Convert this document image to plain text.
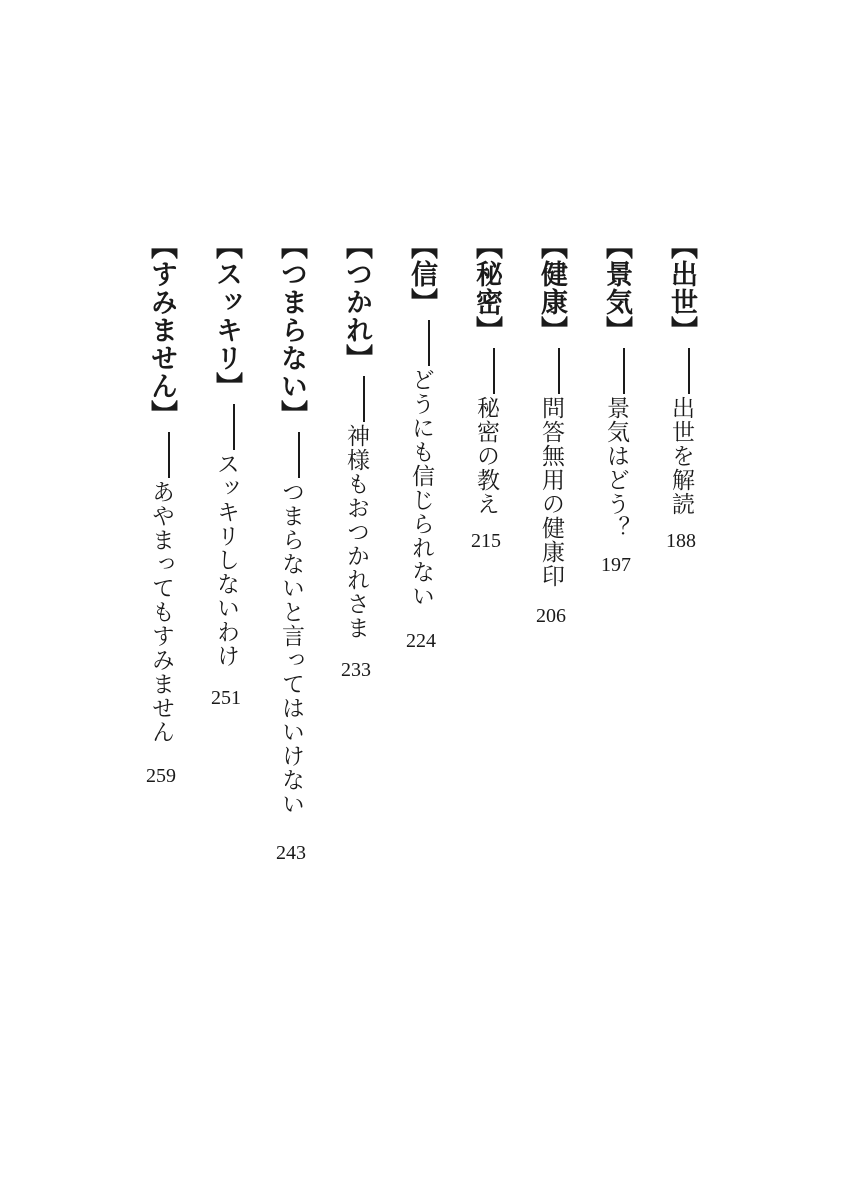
【出世】出世を解読
188
【景気】景気はどう？
197
【健康】問答無用の健康印
206
【秘密】秘密の教え
215
【信】どうにも信じられない
224
【つかれ】神様もおつかれさま
233
【つまらない】つまらないと言ってはいけない
243
【スッキリ】スッキリしないわけ
251
【すみません】あやまってもすみません
259
